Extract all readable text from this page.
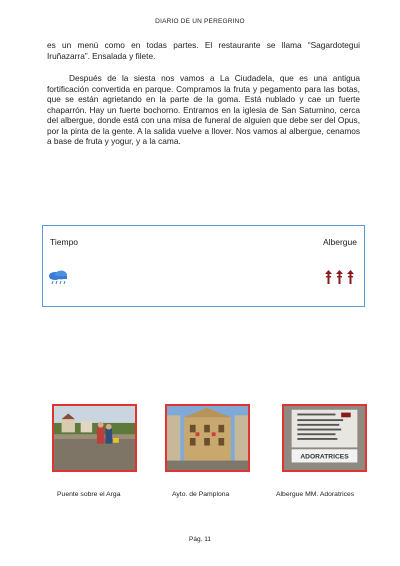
DIARIO DE UN PEREGRINO

es un menú como en todas partes. El restaurante se llama “Sagardotegui Iruñazarra”. Ensalada y filete.

Después de la siesta nos vamos a La Ciudadela, que es una antigua fortificación convertida en parque. Compramos la fruta y pegamento para las botas, que se están agrietando en la parte de la goma. Está nublado y cae un fuerte chaparrón. Hay un fuerte bochorno. Entramos en la iglesia de San Saturnino, cerca del albergue, donde está con una misa de funeral de alguien que debe ser del Opus, por la pinta de la gente. A la salida vuelve a llover. Nos vamos al albergue, cenamos a base de fruta y yogur, y a la cama.

Tiempo	Albergue
ADORATRICES
Puente sobre el Arga	Ayto. de Pamplona	Albergue MM. Adoratrices
Pág. 11
